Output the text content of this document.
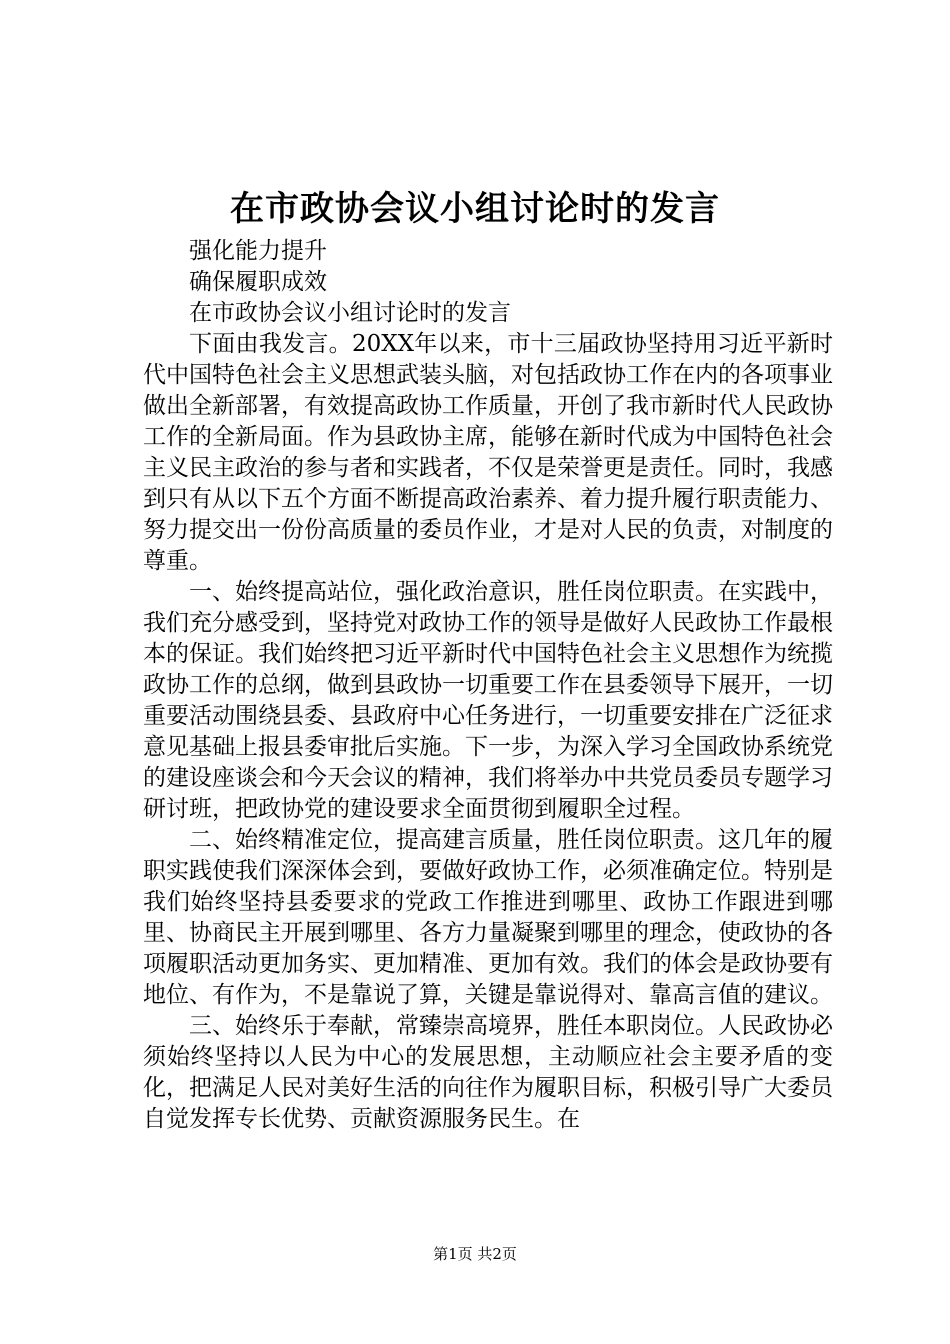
在市政协会议小组讨论时的发言

强化能力提升

确保履职成效

在市政协会议小组讨论时的发言

下面由我发言。20XX年以来，市十三届政协坚持用习近平新时代中国特色社会主义思想武装头脑，对包括政协工作在内的各项事业做出全新部署，有效提高政协工作质量，开创了我市新时代人民政协工作的全新局面。作为县政协主席，能够在新时代成为中国特色社会主义民主政治的参与者和实践者，不仅是荣誉更是责任。同时，我感到只有从以下五个方面不断提高政治素养、着力提升履行职责能力、努力提交出一份份高质量的委员作业，才是对人民的负责，对制度的尊重。

一、始终提高站位，强化政治意识，胜任岗位职责。在实践中，我们充分感受到，坚持党对政协工作的领导是做好人民政协工作最根本的保证。我们始终把习近平新时代中国特色社会主义思想作为统揽政协工作的总纲，做到县政协一切重要工作在县委领导下展开，一切重要活动围绕县委、县政府中心任务进行，一切重要安排在广泛征求意见基础上报县委审批后实施。下一步，为深入学习全国政协系统党的建设座谈会和今天会议的精神，我们将举办中共党员委员专题学习研讨班，把政协党的建设要求全面贯彻到履职全过程。

二、始终精准定位，提高建言质量，胜任岗位职责。这几年的履职实践使我们深深体会到，要做好政协工作，必须准确定位。特别是我们始终坚持县委要求的党政工作推进到哪里、政协工作跟进到哪里、协商民主开展到哪里、各方力量凝聚到哪里的理念，使政协的各项履职活动更加务实、更加精准、更加有效。我们的体会是政协要有地位、有作为，不是靠说了算，关键是靠说得对、靠高言值的建议。

三、始终乐于奉献，常臻崇高境界，胜任本职岗位。人民政协必须始终坚持以人民为中心的发展思想，主动顺应社会主要矛盾的变化，把满足人民对美好生活的向往作为履职目标，积极引导广大委员自觉发挥专长优势、贡献资源服务民生。在

第1页 共2页
